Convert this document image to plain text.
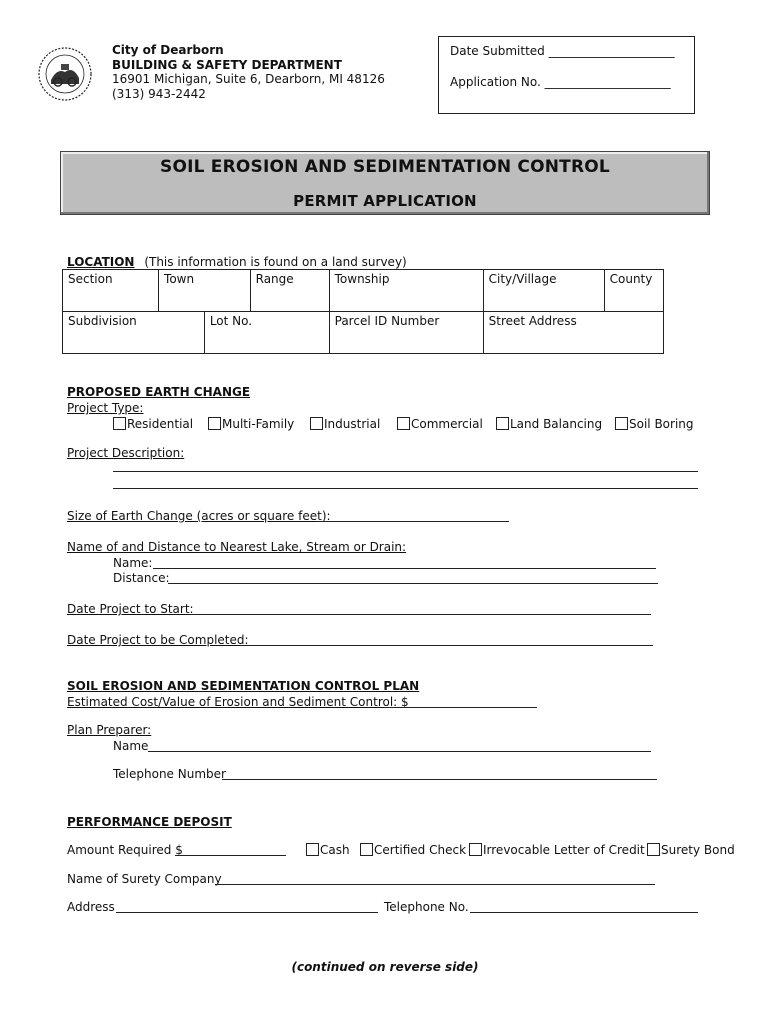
City of Dearborn
BUILDING & SAFETY DEPARTMENT
16901 Michigan, Suite 6, Dearborn, MI 48126
(313) 943-2442
Date Submitted _____________________
Application No. _____________________
SOIL EROSION AND SEDIMENTATION CONTROL
PERMIT APPLICATION
LOCATION (This information is found on a land survey)
Section	Town		Range	Township	City/Village	County
Subdivision		Lot No.		Parcel ID Number	Street Address	
PROPOSED EARTH CHANGE
Project Type:
Residential	Multi-Family	Industrial	Commercial	Land Balancing	Soil Boring
Project Description:
Size of Earth Change (acres or square feet):
Name of and Distance to Nearest Lake, Stream or Drain:
Name:
Distance:
Date Project to Start:
Date Project to be Completed:
SOIL EROSION AND SEDIMENTATION CONTROL PLAN
Estimated Cost/Value of Erosion and Sediment Control: $
Plan Preparer:
Name
Telephone Number
PERFORMANCE DEPOSIT
Amount Required $	Cash	Certified Check	Irrevocable Letter of Credit	Surety Bond
Name of Surety Company
Address	Telephone No.
(continued on reverse side)
